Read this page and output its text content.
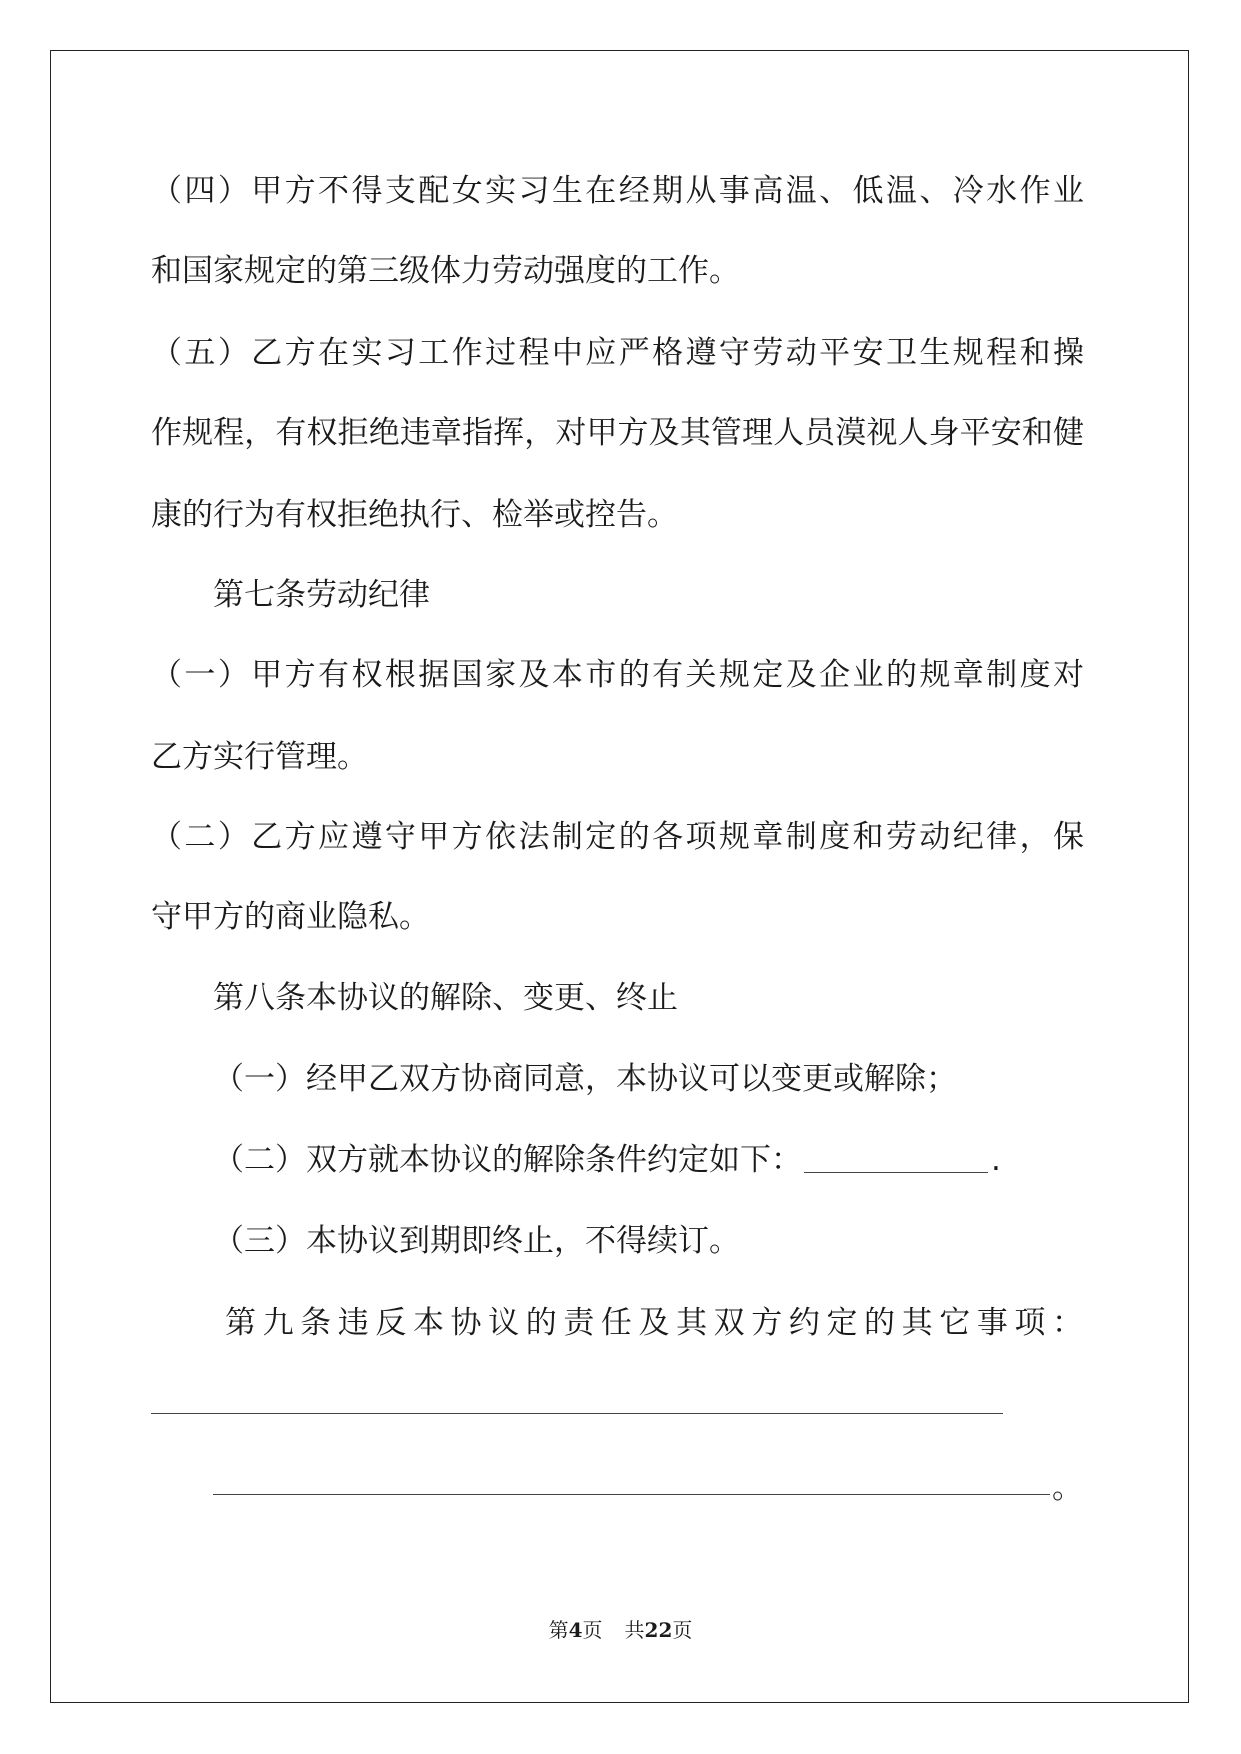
（四）甲方不得支配女实习生在经期从事高温、低温、冷水作业
和国家规定的第三级体力劳动强度的工作。
（五）乙方在实习工作过程中应严格遵守劳动平安卫生规程和操
作规程，有权拒绝违章指挥，对甲方及其管理人员漠视人身平安和健
康的行为有权拒绝执行、检举或控告。
第七条劳动纪律
（一）甲方有权根据国家及本市的有关规定及企业的规章制度对
乙方实行管理。
（二）乙方应遵守甲方依法制定的各项规章制度和劳动纪律，保
守甲方的商业隐私。
第八条本协议的解除、变更、终止
（一）经甲乙双方协商同意，本协议可以变更或解除；
（二）双方就本协议的解除条件约定如下：	.
（三）本协议到期即终止，不得续订。
第九条违反本协议的责任及其双方约定的其它事项：
。
第4页 共22页
